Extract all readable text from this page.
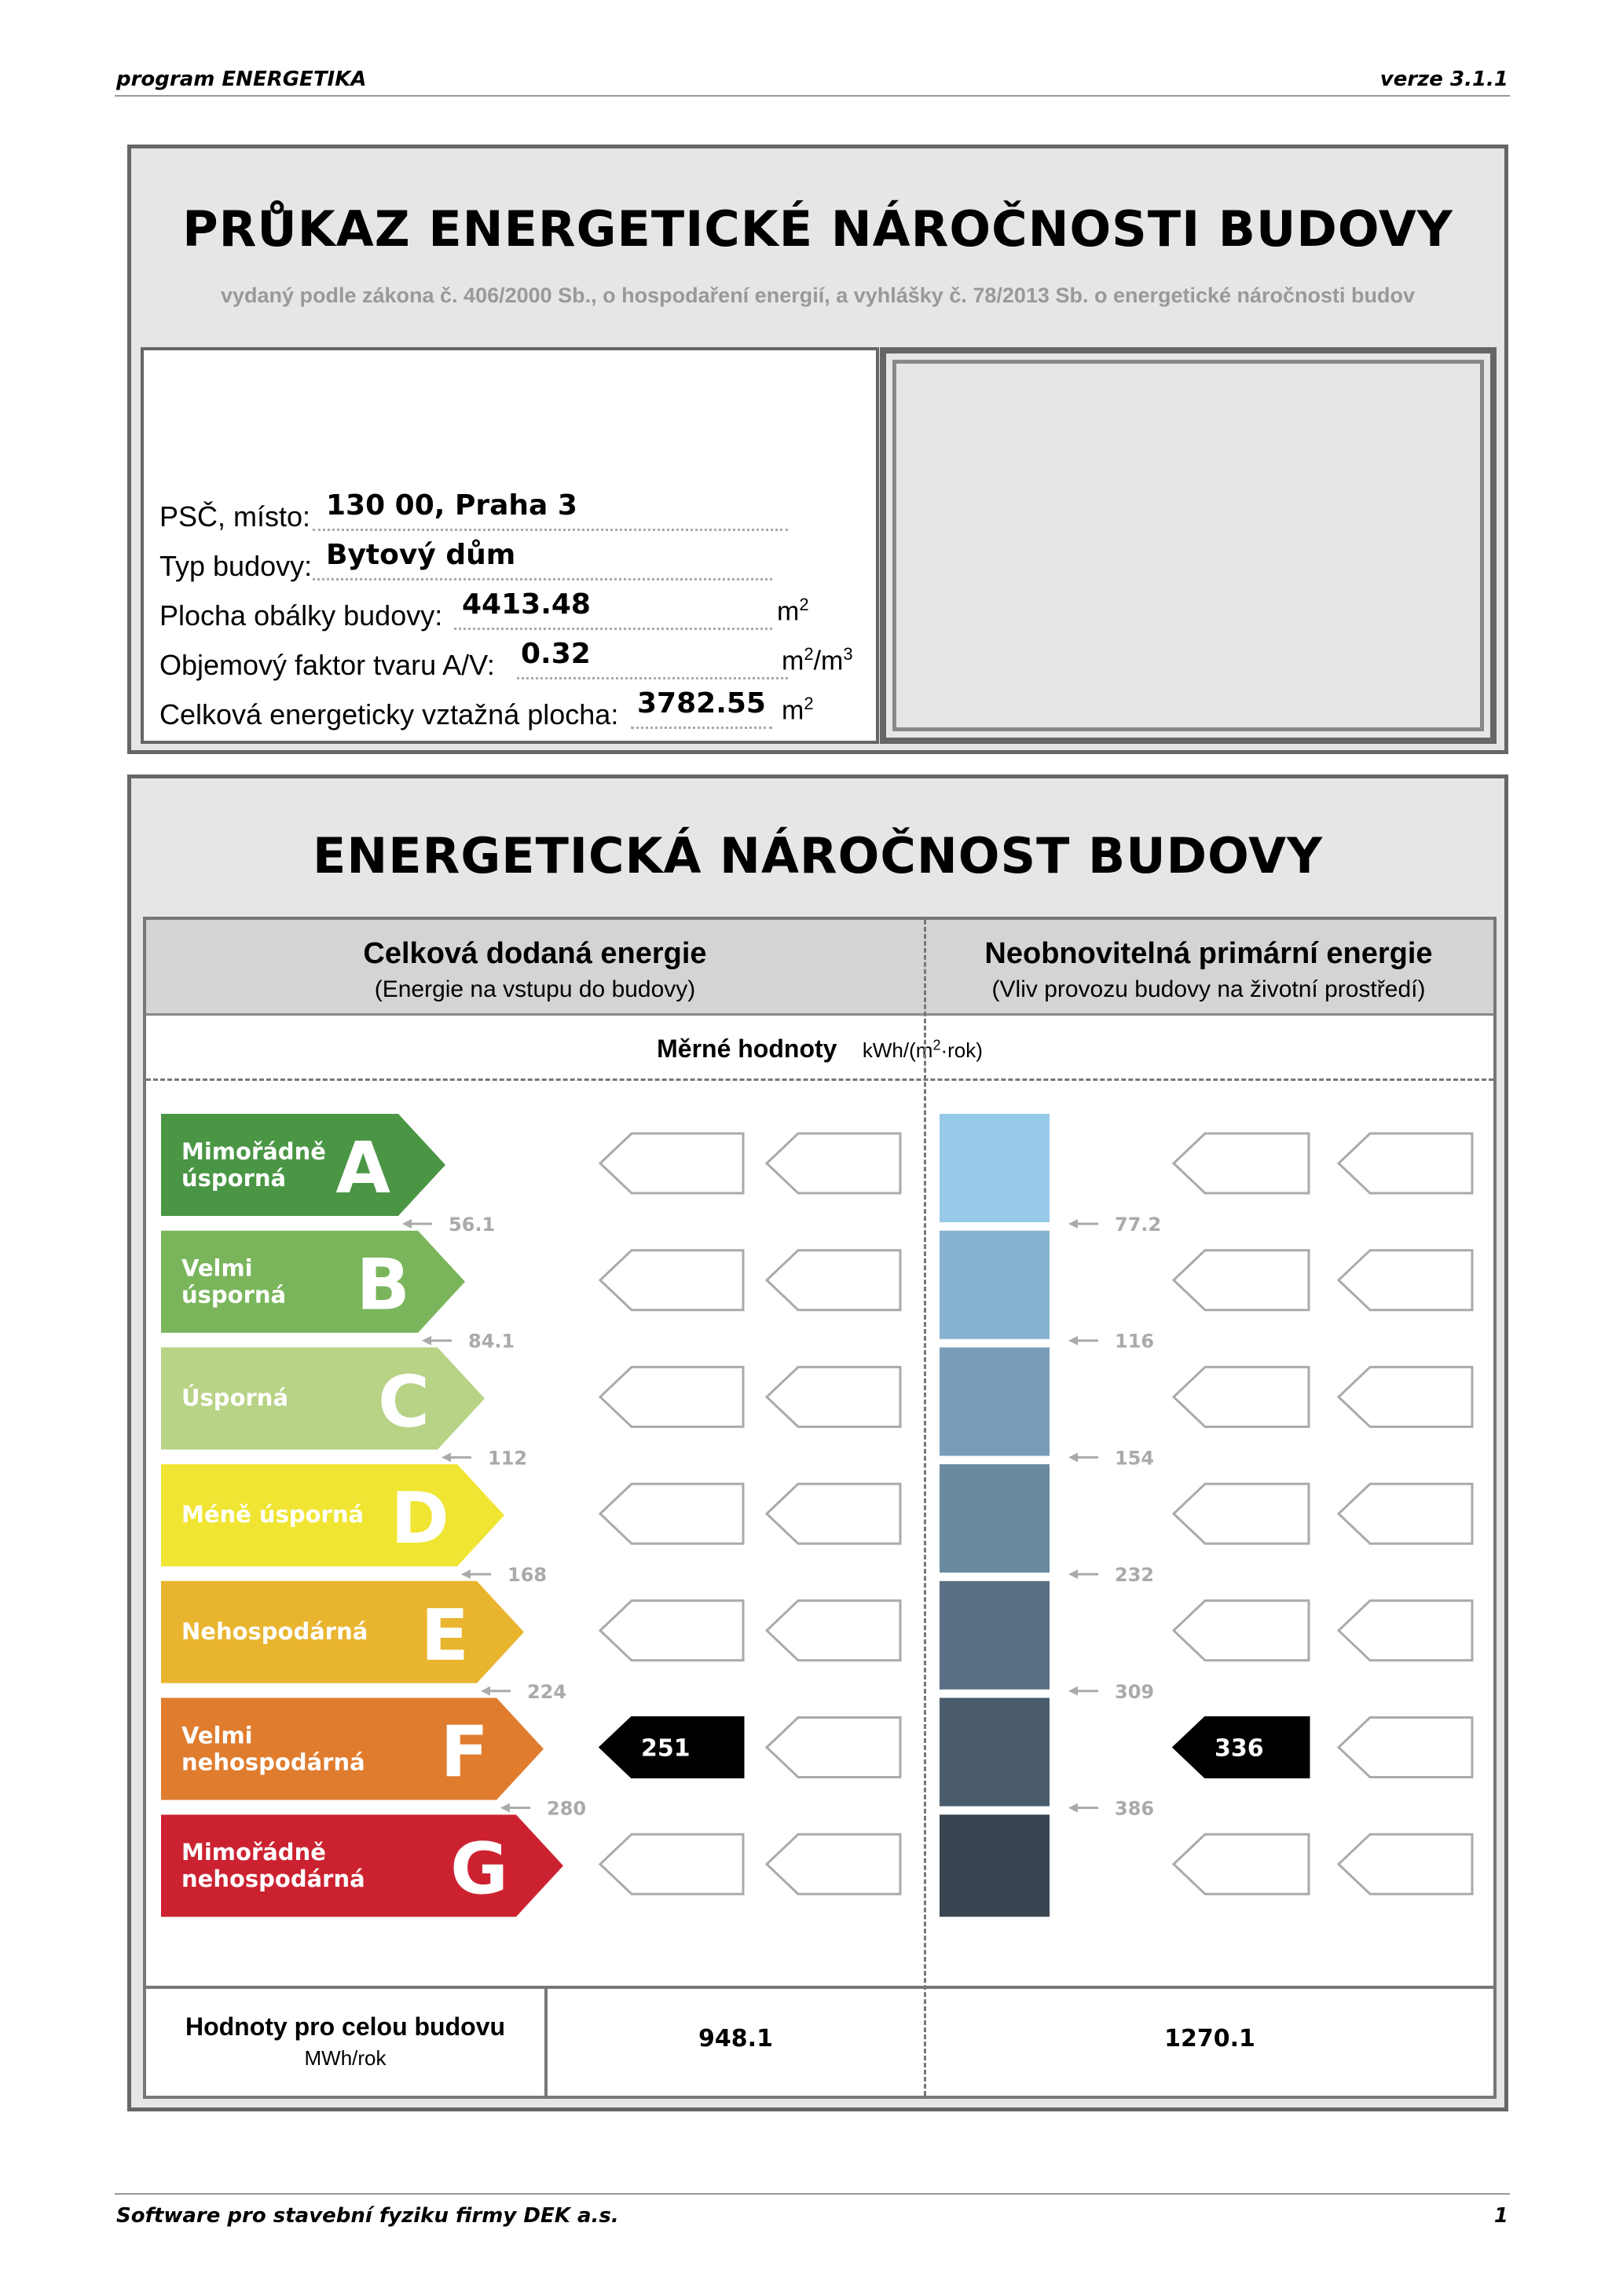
program ENERGETIKA	verze 3.1.1
PRŮKAZ ENERGETICKÉ NÁROČNOSTI BUDOVY
vydaný podle zákona č. 406/2000 Sb., o hospodaření energií, a vyhlášky č. 78/2013 Sb. o energetické náročnosti budov
PSČ, místo: 130 00, Praha 3
Typ budovy: Bytový dům
Plocha obálky budovy: 4413.48	$m^2$
Objemový faktor tvaru A/V: 0.32	$m^2/m^3$
Celková energeticky vztažná plocha: 3782.55 $m^2$
ENERGETICKÁ NÁROČNOST BUDOVY
Celková dodaná energie
(Energie na vstupu do budovy)
Neobnovitelná primární energie
(Vliv provozu budovy na životní prostředí)
Měrné hodnoty kWh/$(m^2\cdot rok)$
Mimořádně úsporná A
Velmi úsporná B
Úsporná C
Méně úsporná D
Nehospodárná E
Velmi nehospodárná F	251	336
Mimořádně nehospodárná G
56.1
84.1
112
168
224
280
77.2
116
154
232
309
386
Hodnoty pro celou budovu
MWh/rok
948.1	1270.1
Software pro stavební fyziku firmy DEK a.s.	1
